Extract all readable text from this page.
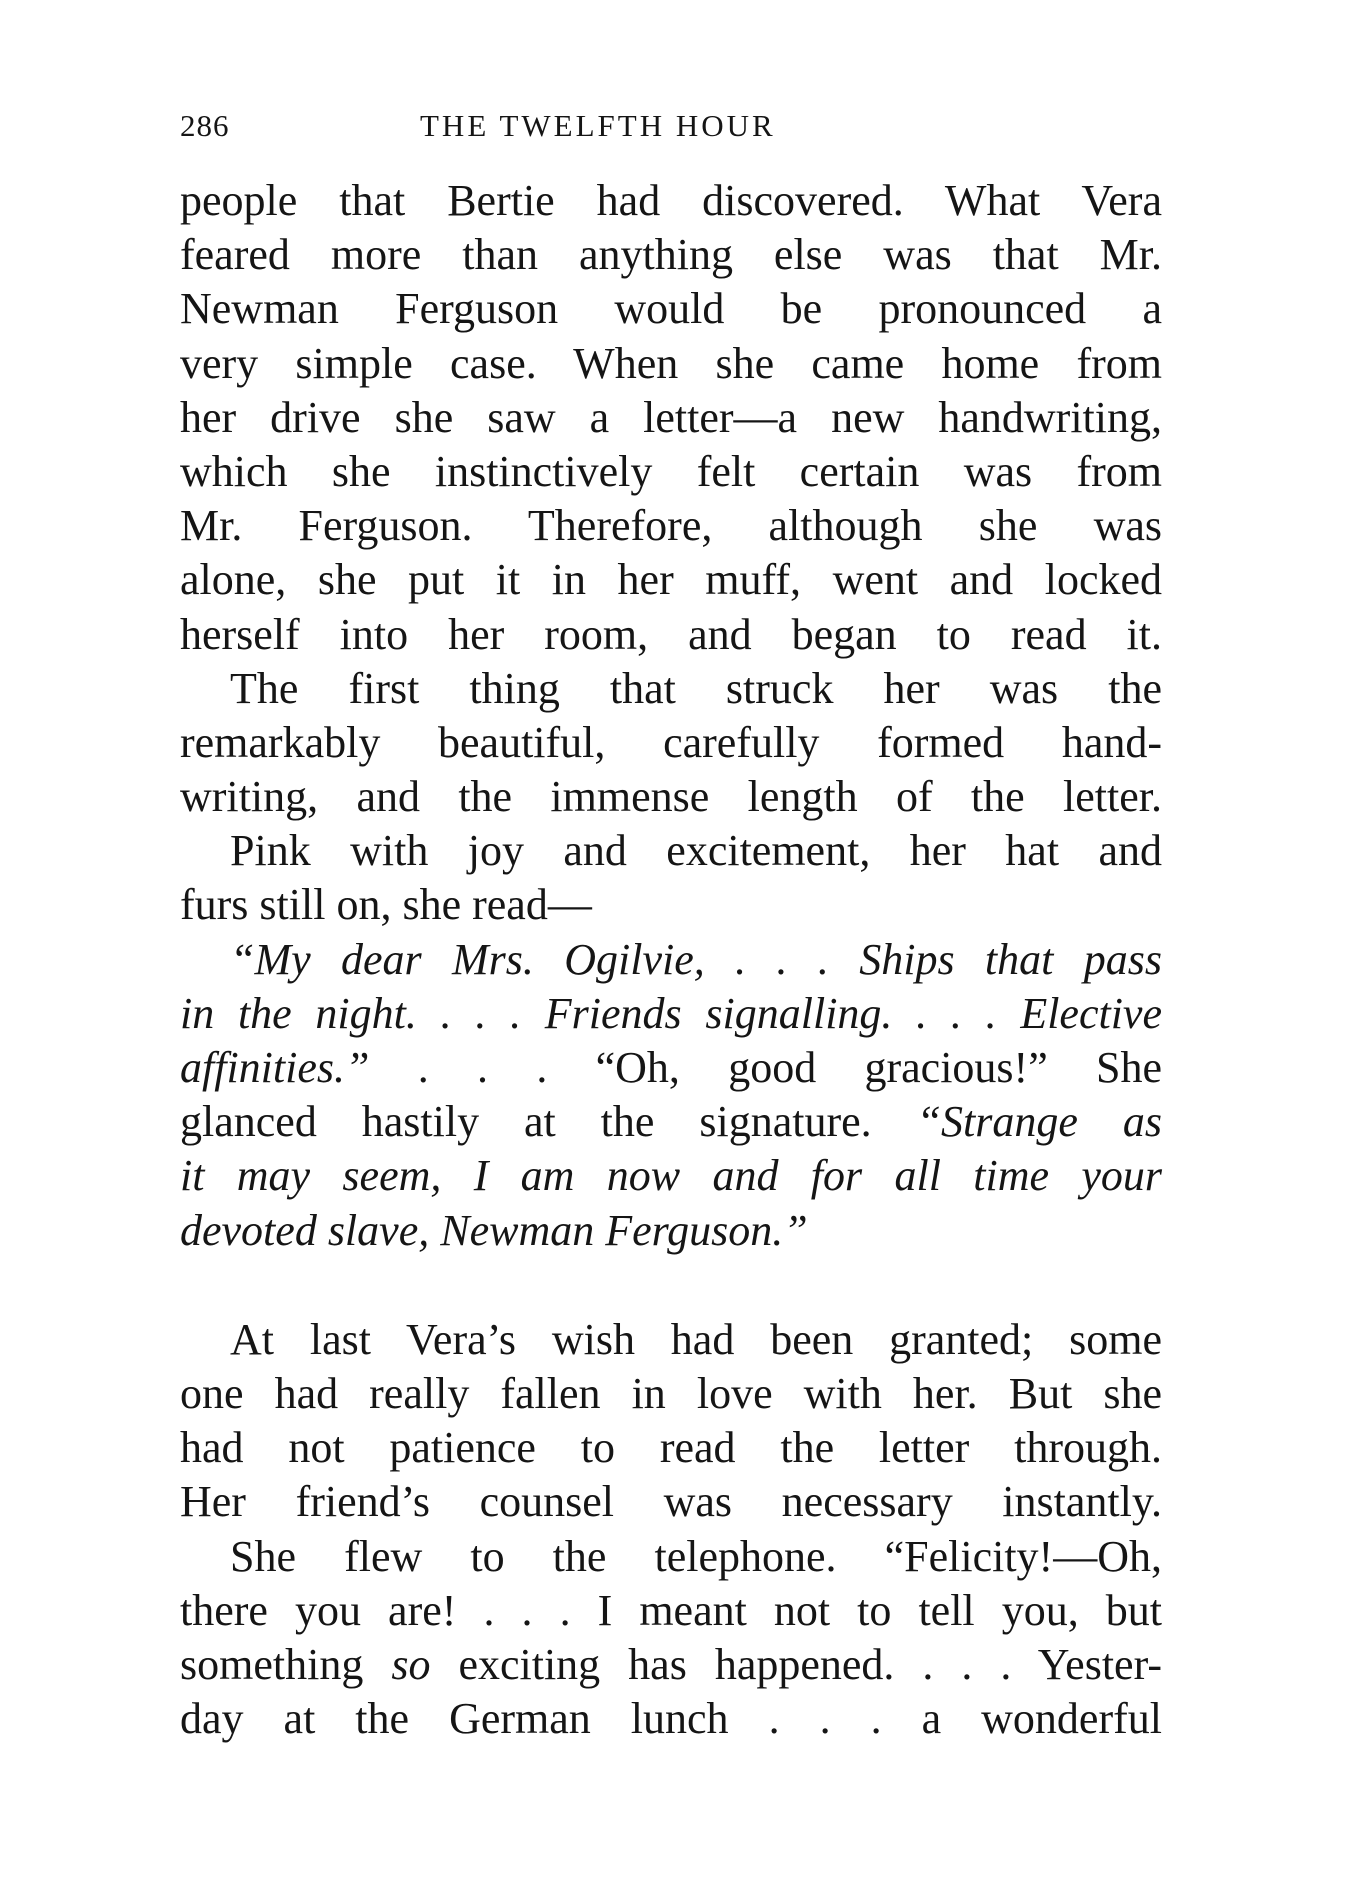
286	THE TWELFTH HOUR
people that Bertie had discovered. What Vera
feared more than anything else was that Mr.
Newman Ferguson would be pronounced a
very simple case. When she came home from
her drive she saw a letter—a new handwriting,
which she instinctively felt certain was from
Mr. Ferguson. Therefore, although she was
alone, she put it in her muff, went and locked
herself into her room, and began to read it.
The first thing that struck her was the
remarkably beautiful, carefully formed hand-
writing, and the immense length of the letter.
Pink with joy and excitement, her hat and
furs still on, she read—
“My dear Mrs. Ogilvie, . . . Ships that pass
in the night. . . . Friends signalling. . . . Elective
affinities.” . . . “Oh, good gracious!” She
glanced hastily at the signature. “Strange as
it may seem, I am now and for all time your
devoted slave, Newman Ferguson.”
At last Vera’s wish had been granted; some
one had really fallen in love with her. But she
had not patience to read the letter through.
Her friend’s counsel was necessary instantly.
She flew to the telephone. “Felicity!—Oh,
there you are! . . . I meant not to tell you, but
something so exciting has happened. . . . Yester-
day at the German lunch . . . a wonderful
